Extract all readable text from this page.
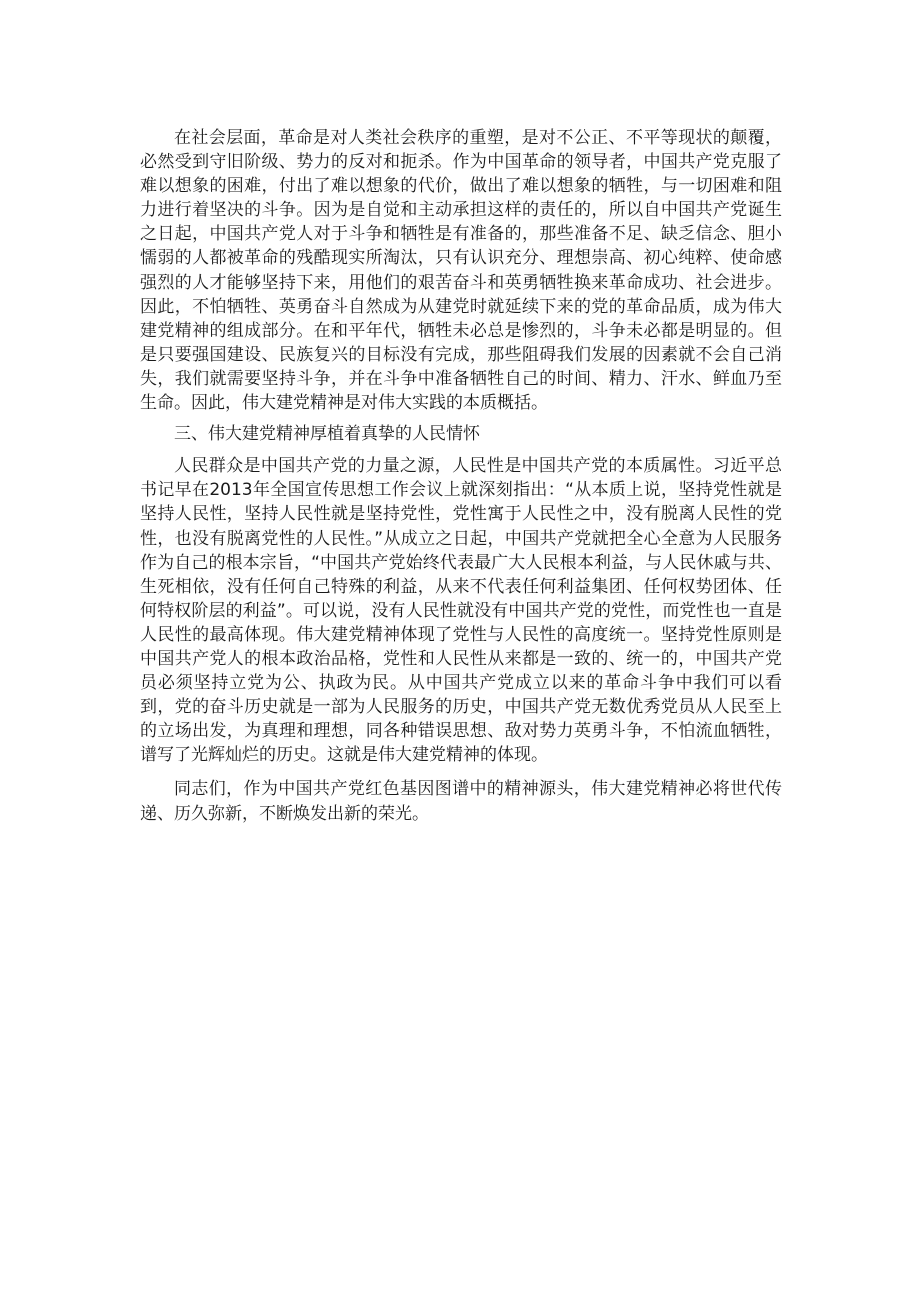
在社会层面，革命是对人类社会秩序的重塑，是对不公正、不平等现状的颠覆，必然受到守旧阶级、势力的反对和扼杀。作为中国革命的领导者，中国共产党克服了难以想象的困难，付出了难以想象的代价，做出了难以想象的牺牲，与一切困难和阻力进行着坚决的斗争。因为是自觉和主动承担这样的责任的，所以自中国共产党诞生之日起，中国共产党人对于斗争和牺牲是有准备的，那些准备不足、缺乏信念、胆小懦弱的人都被革命的残酷现实所淘汰，只有认识充分、理想崇高、初心纯粹、使命感强烈的人才能够坚持下来，用他们的艰苦奋斗和英勇牺牲换来革命成功、社会进步。因此，不怕牺牲、英勇奋斗自然成为从建党时就延续下来的党的革命品质，成为伟大建党精神的组成部分。在和平年代，牺牲未必总是惨烈的，斗争未必都是明显的。但是只要强国建设、民族复兴的目标没有完成，那些阻碍我们发展的因素就不会自己消失，我们就需要坚持斗争，并在斗争中准备牺牲自己的时间、精力、汗水、鲜血乃至生命。因此，伟大建党精神是对伟大实践的本质概括。

三、伟大建党精神厚植着真挚的人民情怀

人民群众是中国共产党的力量之源，人民性是中国共产党的本质属性。习近平总书记早在2013年全国宣传思想工作会议上就深刻指出：“从本质上说，坚持党性就是坚持人民性，坚持人民性就是坚持党性，党性寓于人民性之中，没有脱离人民性的党性，也没有脱离党性的人民性。”从成立之日起，中国共产党就把全心全意为人民服务作为自己的根本宗旨，“中国共产党始终代表最广大人民根本利益，与人民休戚与共、生死相依，没有任何自己特殊的利益，从来不代表任何利益集团、任何权势团体、任何特权阶层的利益”。可以说，没有人民性就没有中国共产党的党性，而党性也一直是人民性的最高体现。伟大建党精神体现了党性与人民性的高度统一。坚持党性原则是中国共产党人的根本政治品格，党性和人民性从来都是一致的、统一的，中国共产党员必须坚持立党为公、执政为民。从中国共产党成立以来的革命斗争中我们可以看到，党的奋斗历史就是一部为人民服务的历史，中国共产党无数优秀党员从人民至上的立场出发，为真理和理想，同各种错误思想、敌对势力英勇斗争，不怕流血牺牲，谱写了光辉灿烂的历史。这就是伟大建党精神的体现。

同志们，作为中国共产党红色基因图谱中的精神源头，伟大建党精神必将世代传递、历久弥新，不断焕发出新的荣光。
